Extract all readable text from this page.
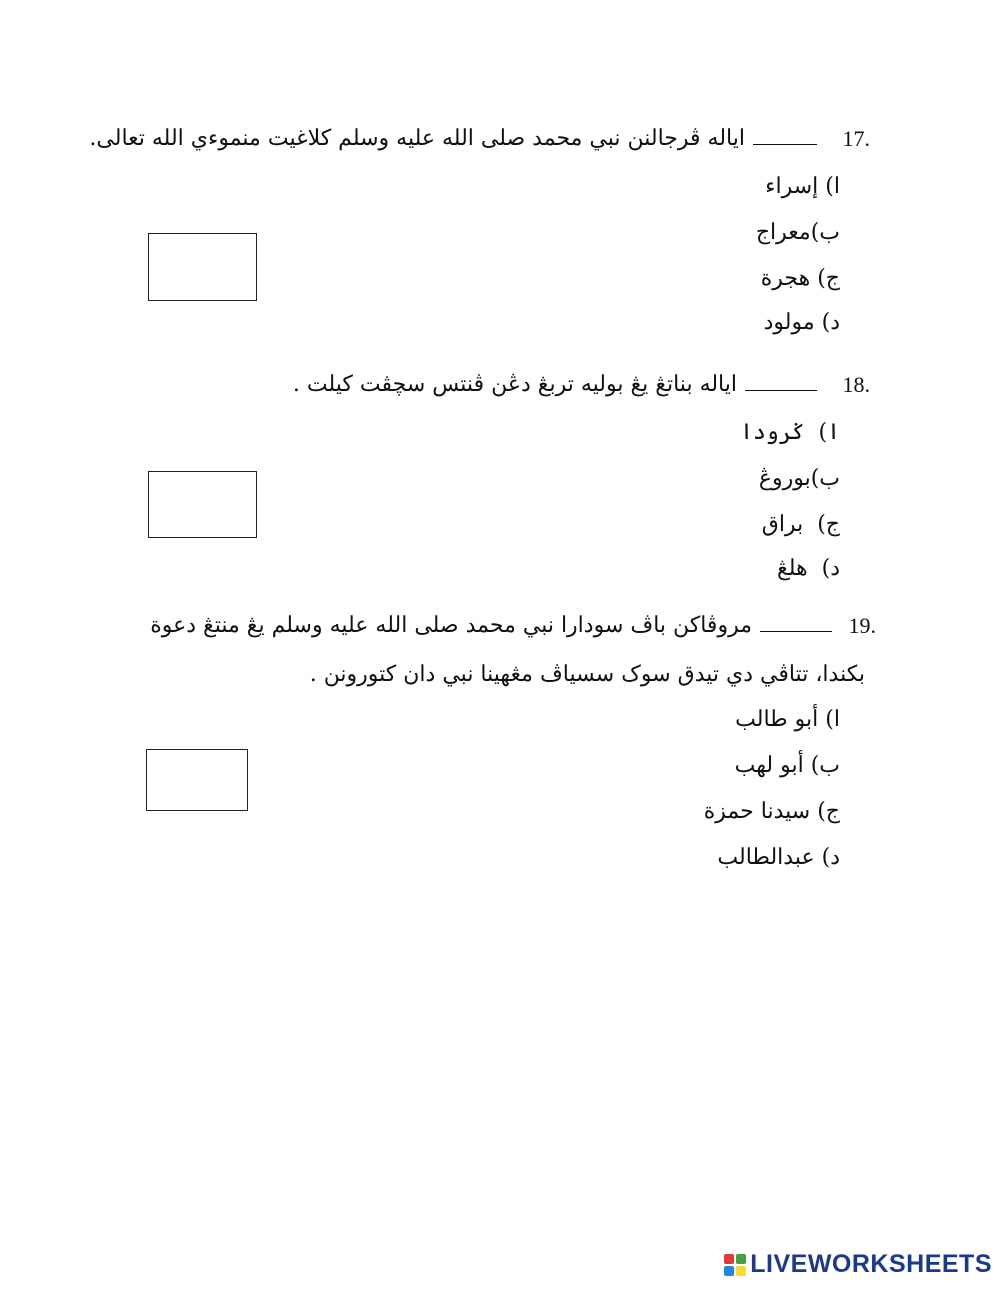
17.
اياله ڤرجالنن نبي محمد صلى الله عليه وسلم كلاغيت منموءي الله تعالى.
ا) إسراء
ب)معراج
ج) هجرة
د) مولود
18.
اياله بناتڠ يڠ بوليه تربڠ دڠن ڤنتس سچڤت كيلت .
ا)  ݢرودا
ب)بوروڠ
ج)  براق
د)  هلڠ
19.
مروڤاكن باڤ سودارا نبي محمد صلى الله عليه وسلم يڠ منتڠ دعوة
بكندا، تتاڤي دي تيدق سوک سسياڤ مڠهينا نبي دان كتورونن .
ا) أبو طالب
ب) أبو لهب
ج) سيدنا حمزة
د) عبدالطالب
LIVEWORKSHEETS
